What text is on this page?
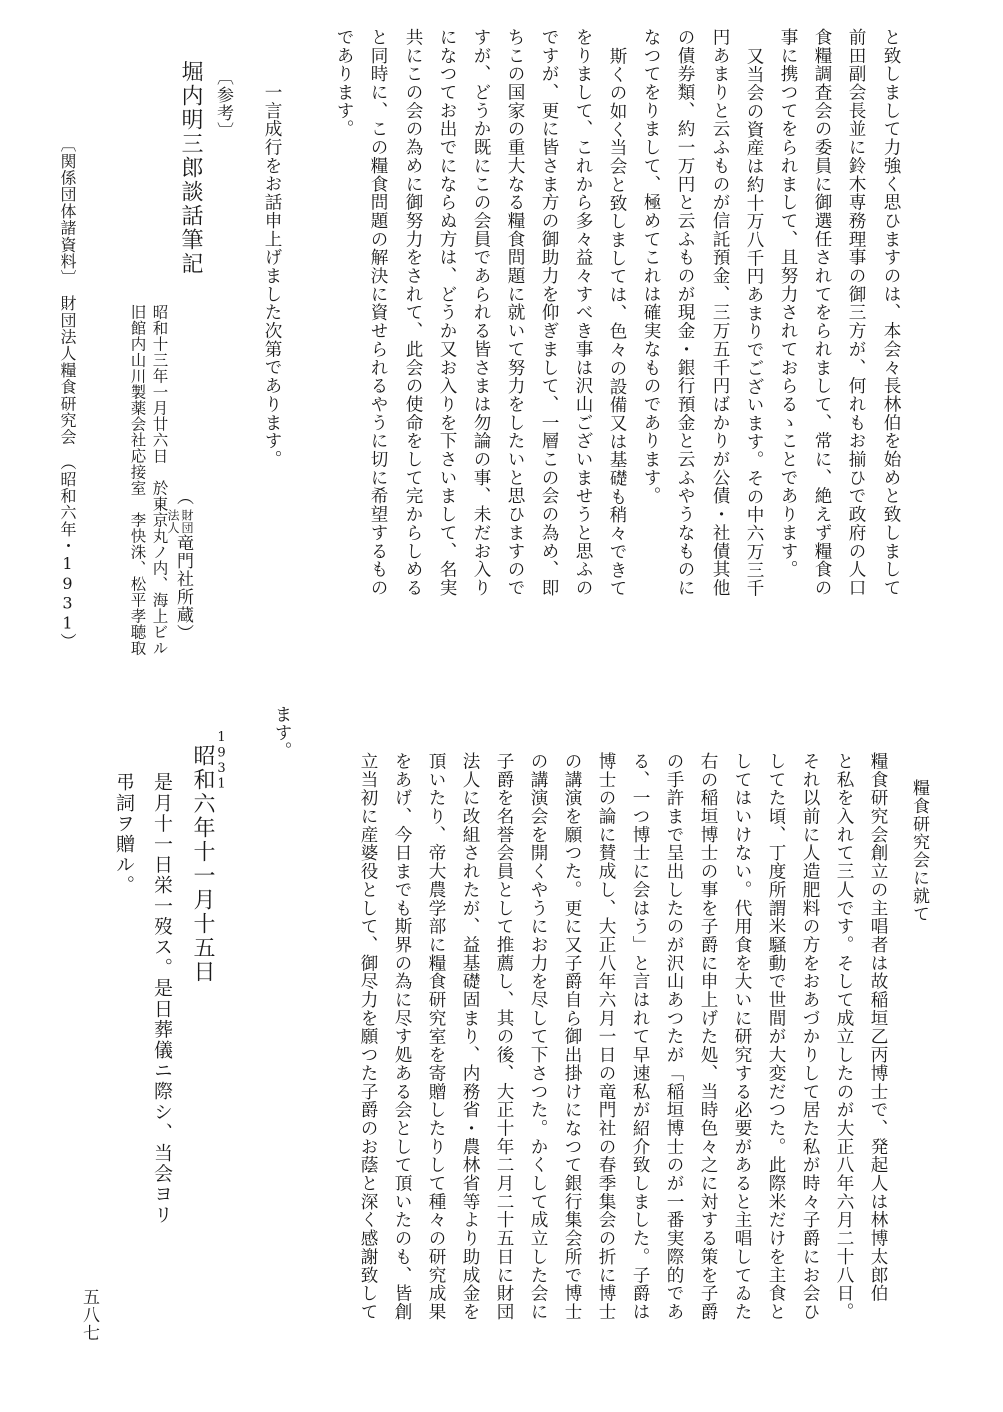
と致しまして力強く思ひますのは、本会々長林伯を始めと致しまして

前田副会長並に鈴木専務理事の御三方が、何れもお揃ひで政府の人口

食糧調査会の委員に御選任されてをられまして、常に、絶えず糧食の

事に携つてをられまして、且努力されておらるゝことであります。

又当会の資産は約十万八千円あまりでございます。その中六万三千

円あまりと云ふものが信託預金、三万五千円ばかりが公債・社債其他

の債券類、約一万円と云ふものが現金・銀行預金と云ふやうなものに

なつてをりまして、極めてこれは確実なものであります。

斯くの如く当会と致しましては、色々の設備又は基礎も稍々できて

をりまして、これから多々益々すべき事は沢山ございませうと思ふの

ですが、更に皆さま方の御助力を仰ぎまして、一層この会の為め、即

ちこの国家の重大なる糧食問題に就いて努力をしたいと思ひますので

すが、どうか既にこの会員であられる皆さまは勿論の事、未だお入り

になつてお出でにならぬ方は、どうか又お入りを下さいまして、名実

共にこの会の為めに御努力をされて、此会の使命をして完からしめる

と同時に、この糧食問題の解決に資せられるやうに切に希望するもの

であります。

一言成行をお話申上げました次第であります。

（
財団
法人
竜門社所蔵）

〔参考〕

堀内明三郎談話筆記

昭和十三年一月廿六日　於東京丸ノ内、海上ビル

旧館内山川製薬会社応接室　李快洙、松平孝聴取

〔関係団体諸資料〕　財団法人糧食研究会　（昭和六年・1931）

糧食研究会に就て

糧食研究会創立の主唱者は故稲垣乙丙博士で、発起人は林博太郎伯

と私を入れて三人です。そして成立したのが大正八年六月二十八日。

それ以前に人造肥料の方をおあづかりして居た私が時々子爵にお会ひ

してた頃、丁度所謂米騒動で世間が大変だつた。此際米だけを主食と

してはいけない。代用食を大いに研究する必要があると主唱してゐた

右の稲垣博士の事を子爵に申上げた処、当時色々之に対する策を子爵

の手許まで呈出したのが沢山あつたが「稲垣博士のが一番実際的であ

る、一つ博士に会はう」と言はれて早速私が紹介致しました。子爵は

博士の論に賛成し、大正八年六月一日の竜門社の春季集会の折に博士

の講演を願つた。更に又子爵自ら御出掛けになつて銀行集会所で博士

の講演会を開くやうにお力を尽して下さつた。かくして成立した会に

子爵を名誉会員として推薦し、其の後、大正十年二月二十五日に財団

法人に改組されたが、益基礎固まり、内務省・農林省等より助成金を

頂いたり、帝大農学部に糧食研究室を寄贈したりして種々の研究成果

をあげ、今日までも斯界の為に尽す処ある会として頂いたのも、皆創

立当初に産婆役として、御尽力を願つた子爵のお蔭と深く感謝致して

ます。

1931

昭和六年十一月十五日

是月十一日栄一歿ス。是日葬儀ニ際シ、当会ヨリ

弔詞ヲ贈ル。

五八七
